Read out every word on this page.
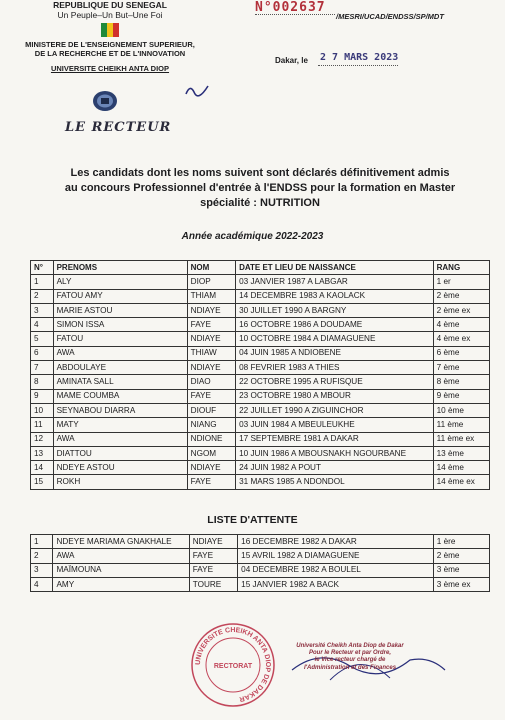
REPUBLIQUE DU SENEGAL
Un Peuple–Un But–Une Foi
MINISTERE DE L'ENSEIGNEMENT SUPERIEUR,
DE LA RECHERCHE ET DE L'INNOVATION
UNIVERSITE CHEIKH ANTA DIOP
LE RECTEUR
N°002637
/MESRI/UCAD/ENDSS/SP/MDT
Dakar, le 2 7 MARS 2023
Les candidats dont les noms suivent sont déclarés définitivement admis
au concours Professionnel d'entrée à l'ENDSS pour la formation en Master
spécialité : NUTRITION
Année académique 2022-2023
N°	PRENOMS	NOM	DATE ET LIEU DE NAISSANCE	RANG
1	ALY	DIOP	03 JANVIER 1987 A LABGAR	1 er
2	FATOU AMY	THIAM	14 DECEMBRE 1983 A KAOLACK	2 ème
3	MARIE ASTOU	NDIAYE	30 JUILLET 1990 A BARGNY	2 ème ex
4	SIMON ISSA	FAYE	16 OCTOBRE 1986 A DOUDAME	4 ème
5	FATOU	NDIAYE	10 OCTOBRE 1984 A DIAMAGUENE	4 ème ex
6	AWA	THIAW	04 JUIN 1985 A NDIOBENE	6 ème
7	ABDOULAYE	NDIAYE	08 FEVRIER 1983 A THIES	7 ème
8	AMINATA SALL	DIAO	22 OCTOBRE 1995 A RUFISQUE	8 ème
9	MAME COUMBA	FAYE	23 OCTOBRE 1980 A MBOUR	9 ème
10	SEYNABOU DIARRA	DIOUF	22 JUILLET 1990 A ZIGUINCHOR	10 ème
11	MATY	NIANG	03 JUIN 1984 A MBEULEUKHE	11 ème
12	AWA	NDIONE	17 SEPTEMBRE 1981 A DAKAR	11 ème ex
13	DIATTOU	NGOM	10 JUIN 1986 A MBOUSNAKH NGOURBANE	13 ème
14	NDEYE ASTOU	NDIAYE	24 JUIN 1982 A POUT	14 ème
15	ROKH	FAYE	31 MARS 1985 A NDONDOL	14 ème ex
LISTE D'ATTENTE
1	NDEYE MARIAMA GNAKHALE	NDIAYE	16 DECEMBRE 1982 A DAKAR	1 ère
2	AWA	FAYE	15 AVRIL 1982 A DIAMAGUENE	2 ème
3	MAÏMOUNA	FAYE	04 DECEMBRE 1982 A BOULEL	3 ème
4	AMY	TOURE	15 JANVIER 1982 A BACK	3 ème ex
UNIVERSITE CHEIKH ANTA DIOP DE DAKAR
RECTORAT
Université Cheikh Anta Diop de Dakar
Pour le Recteur et par Ordre,
le Vice recteur chargé de
l'Administration et des Finances
